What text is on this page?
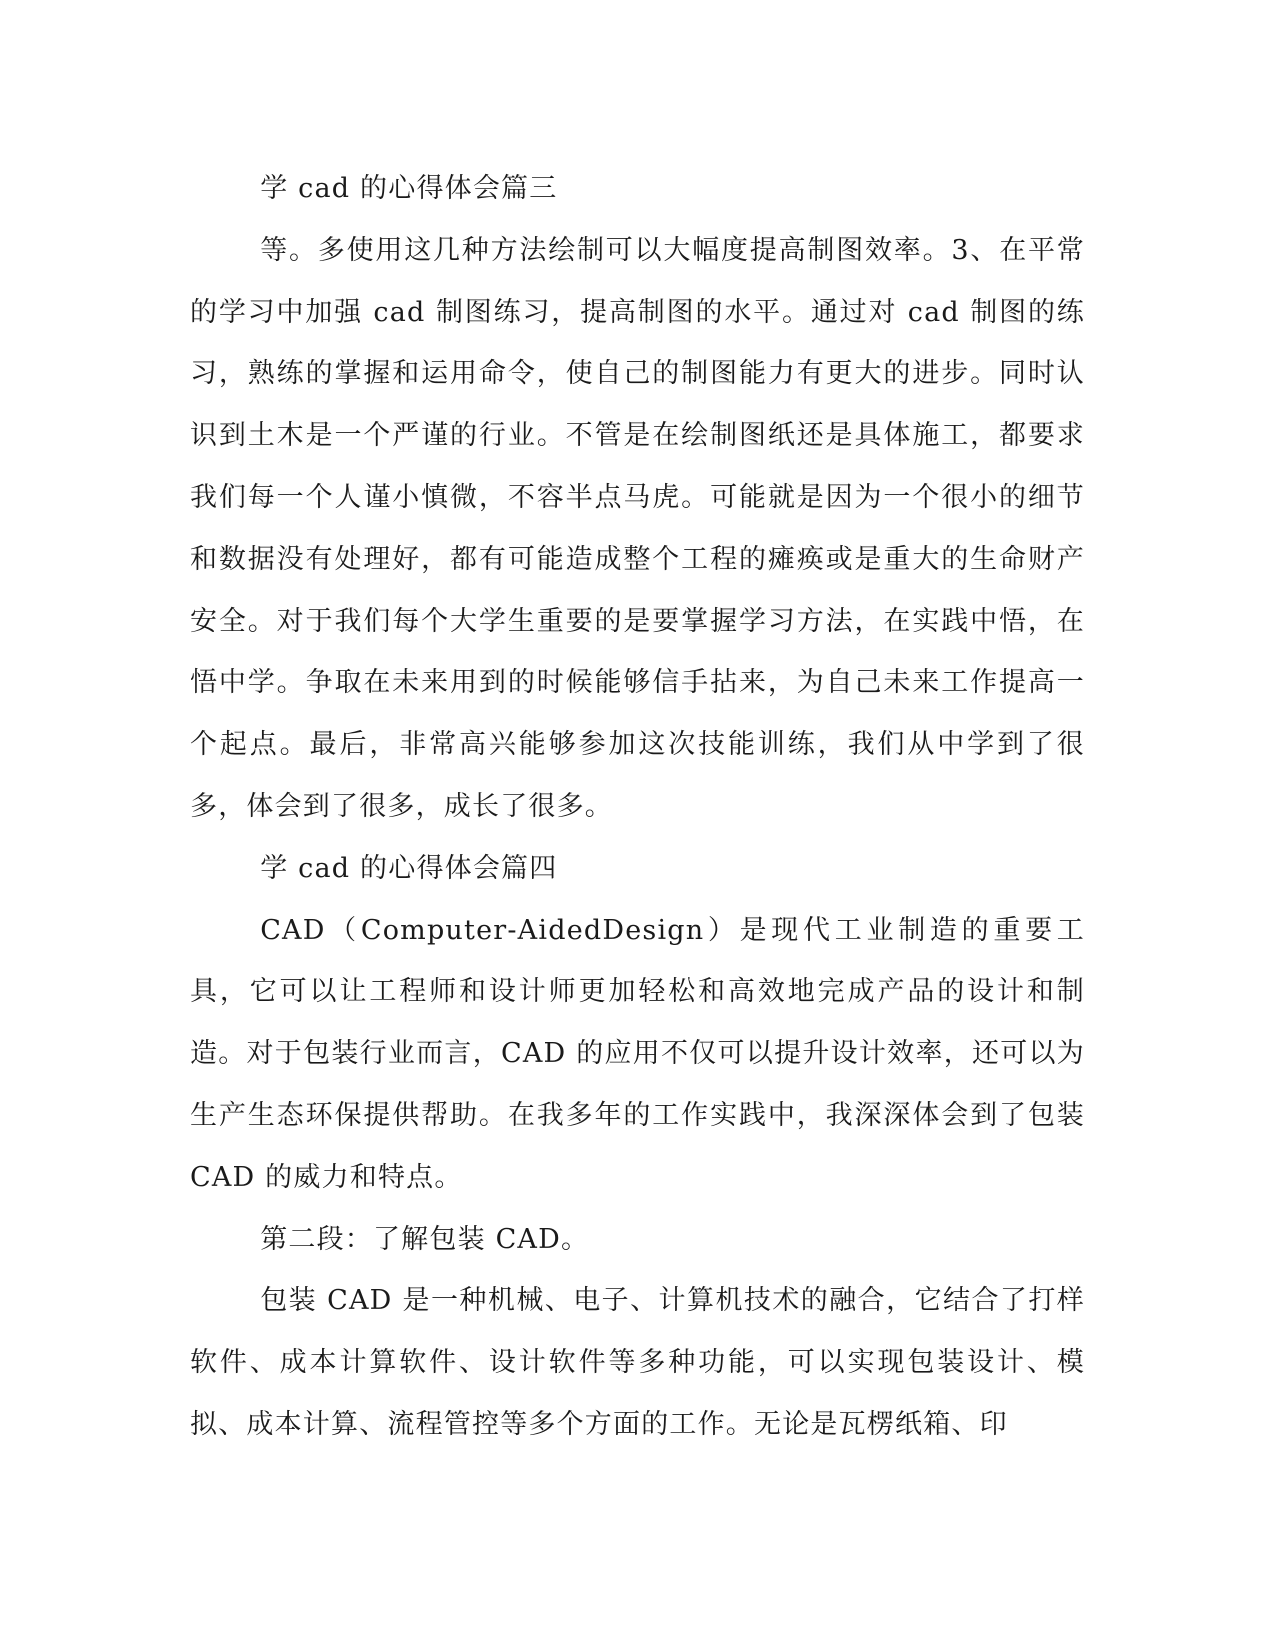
学 cad 的心得体会篇三

等。多使用这几种方法绘制可以大幅度提高制图效率。3、在平常的学习中加强 cad 制图练习，提高制图的水平。通过对 cad 制图的练习，熟练的掌握和运用命令，使自己的制图能力有更大的进步。同时认识到土木是一个严谨的行业。不管是在绘制图纸还是具体施工，都要求我们每一个人谨小慎微，不容半点马虎。可能就是因为一个很小的细节和数据没有处理好，都有可能造成整个工程的瘫痪或是重大的生命财产安全。对于我们每个大学生重要的是要掌握学习方法，在实践中悟，在悟中学。争取在未来用到的时候能够信手拈来，为自己未来工作提高一个起点。最后，非常高兴能够参加这次技能训练，我们从中学到了很多，体会到了很多，成长了很多。

学 cad 的心得体会篇四

CAD（Computer-AidedDesign）是现代工业制造的重要工具，它可以让工程师和设计师更加轻松和高效地完成产品的设计和制造。对于包装行业而言，CAD 的应用不仅可以提升设计效率，还可以为生产生态环保提供帮助。在我多年的工作实践中，我深深体会到了包装 CAD 的威力和特点。

第二段：了解包装 CAD。

包装 CAD 是一种机械、电子、计算机技术的融合，它结合了打样软件、成本计算软件、设计软件等多种功能，可以实现包装设计、模拟、成本计算、流程管控等多个方面的工作。无论是瓦楞纸箱、印
